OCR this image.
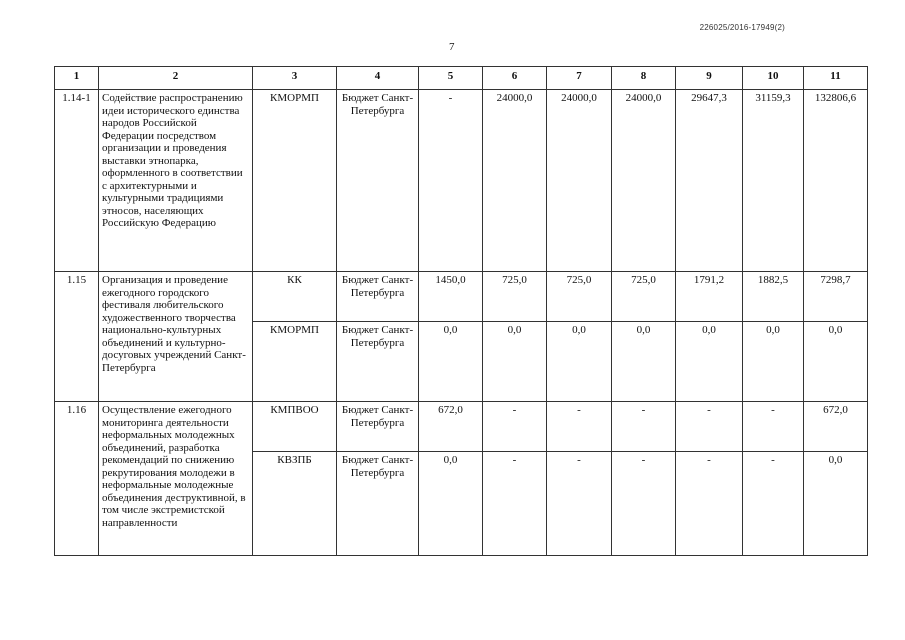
226025/2016-17949(2)
7
1	2	3	4	5	6	7	8	9	10	11
1.14-1	Содействие распространению идеи исторического единства народов Российской Федерации посредством организации и проведения выставки этнопарка, оформленного в соответствии с архитектурными и культурными традициями этносов, населяющих Российскую Федерацию	КМОРМП	Бюджет Санкт-Петербурга	-	24000,0	24000,0	24000,0	29647,3	31159,3	132806,6
1.15	Организация и проведение ежегодного городского фестиваля любительского художественного творчества национально-культурных объединений и культурно-досуговых учреждений Санкт-Петербурга	КК	Бюджет Санкт-Петербурга	1450,0	725,0	725,0	725,0	1791,2	1882,5	7298,7
		КМОРМП	Бюджет Санкт-Петербурга	0,0	0,0	0,0	0,0	0,0	0,0	0,0
1.16	Осуществление ежегодного мониторинга деятельности неформальных молодежных объединений, разработка рекомендаций по снижению рекрутирования молодежи в неформальные молодежные объединения деструктивной, в том числе экстремистской направленности	КМПВОО	Бюджет Санкт-Петербурга	672,0	-	-	-	-	-	672,0
		КВЗПБ	Бюджет Санкт-Петербурга	0,0	-	-	-	-	-	0,0
